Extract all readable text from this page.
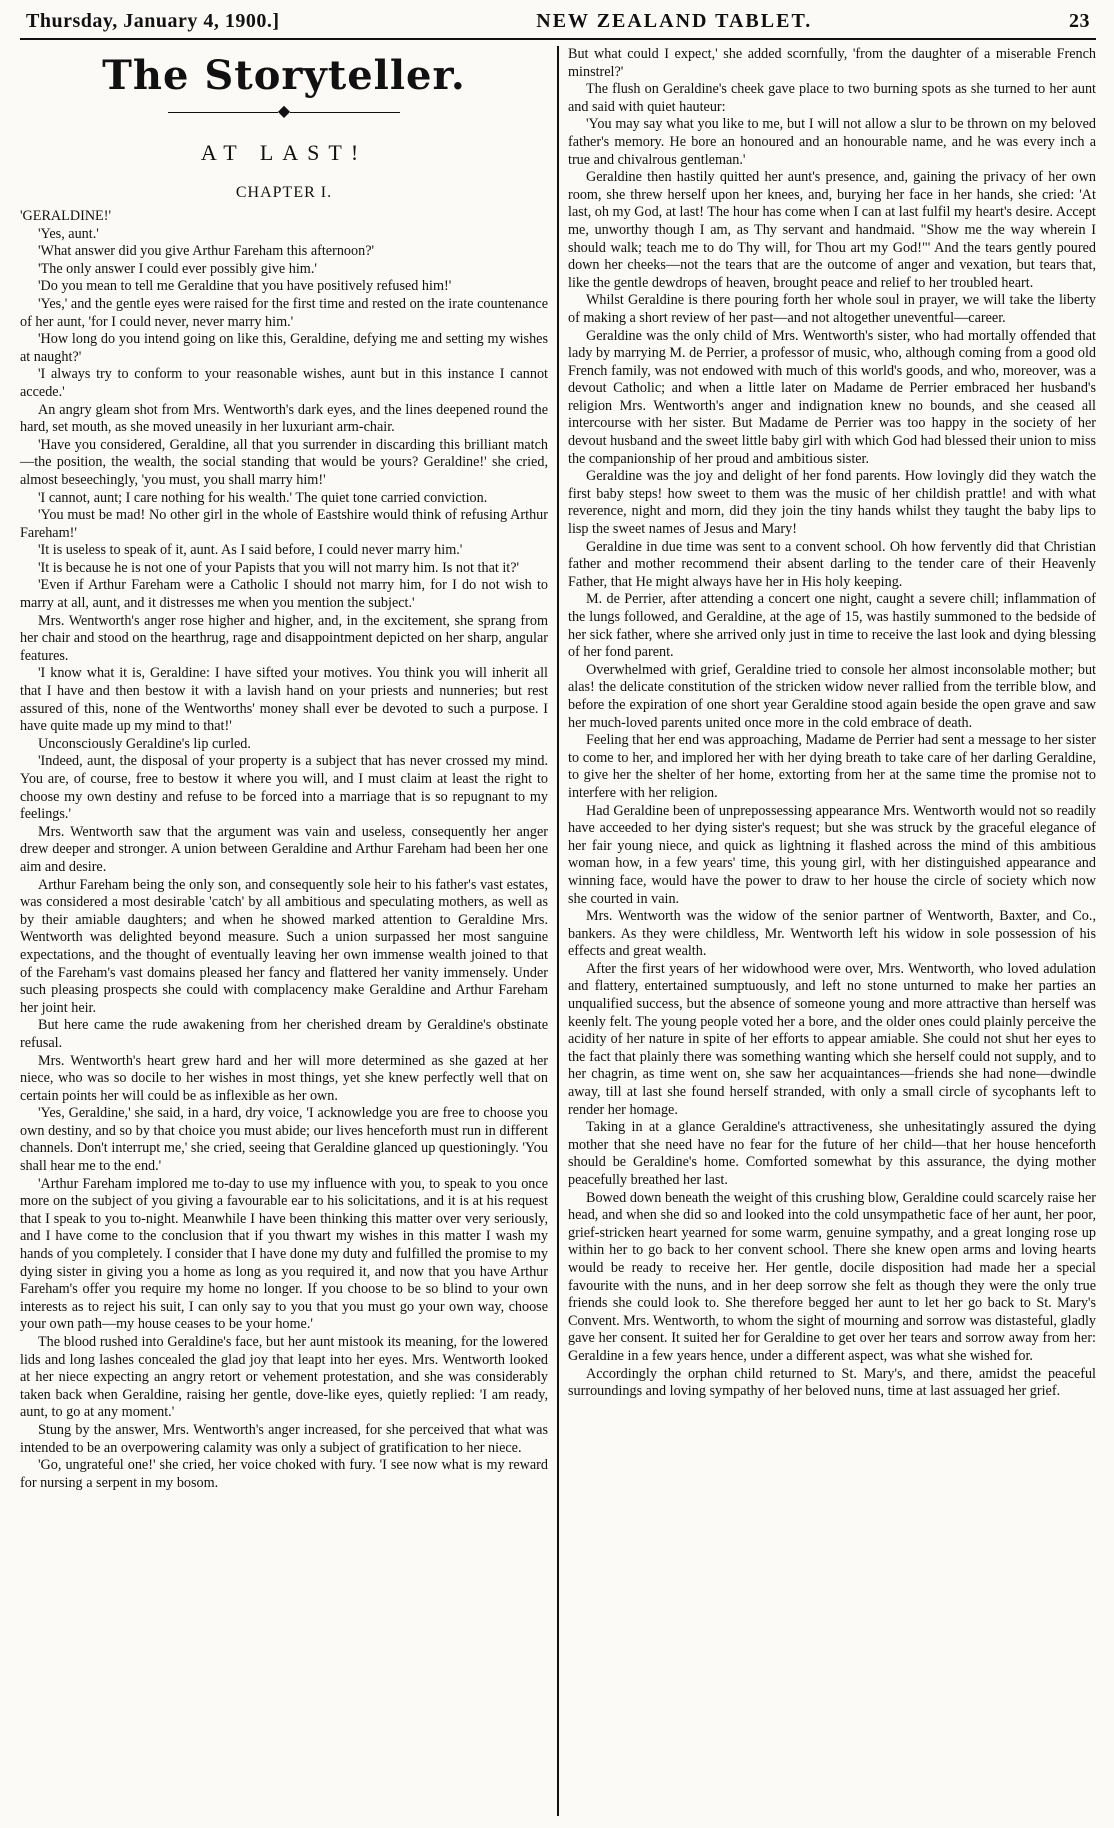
Thursday, January 4, 1900.]	NEW ZEALAND TABLET.	23
The Storyteller.
◆
AT LAST!
CHAPTER I.

'GERALDINE!'

'Yes, aunt.'

'What answer did you give Arthur Fareham this afternoon?'

'The only answer I could ever possibly give him.'

'Do you mean to tell me Geraldine that you have positively refused him!'

'Yes,' and the gentle eyes were raised for the first time and rested on the irate countenance of her aunt, 'for I could never, never marry him.'

'How long do you intend going on like this, Geraldine, defying me and setting my wishes at naught?'

'I always try to conform to your reasonable wishes, aunt but in this instance I cannot accede.'

An angry gleam shot from Mrs. Wentworth's dark eyes, and the lines deepened round the hard, set mouth, as she moved uneasily in her luxuriant arm-chair.

'Have you considered, Geraldine, all that you surrender in discarding this brilliant match—the position, the wealth, the social standing that would be yours? Geraldine!' she cried, almost beseechingly, 'you must, you shall marry him!'

'I cannot, aunt; I care nothing for his wealth.' The quiet tone carried conviction.

'You must be mad! No other girl in the whole of Eastshire would think of refusing Arthur Fareham!'

'It is useless to speak of it, aunt. As I said before, I could never marry him.'

'It is because he is not one of your Papists that you will not marry him. Is not that it?'

'Even if Arthur Fareham were a Catholic I should not marry him, for I do not wish to marry at all, aunt, and it distresses me when you mention the subject.'

Mrs. Wentworth's anger rose higher and higher, and, in the excitement, she sprang from her chair and stood on the hearthrug, rage and disappointment depicted on her sharp, angular features.

'I know what it is, Geraldine: I have sifted your motives. You think you will inherit all that I have and then bestow it with a lavish hand on your priests and nunneries; but rest assured of this, none of the Wentworths' money shall ever be devoted to such a purpose. I have quite made up my mind to that!'

Unconsciously Geraldine's lip curled.

'Indeed, aunt, the disposal of your property is a subject that has never crossed my mind. You are, of course, free to bestow it where you will, and I must claim at least the right to choose my own destiny and refuse to be forced into a marriage that is so repugnant to my feelings.'

Mrs. Wentworth saw that the argument was vain and useless, consequently her anger drew deeper and stronger. A union between Geraldine and Arthur Fareham had been her one aim and desire.

Arthur Fareham being the only son, and consequently sole heir to his father's vast estates, was considered a most desirable 'catch' by all ambitious and speculating mothers, as well as by their amiable daughters; and when he showed marked attention to Geraldine Mrs. Wentworth was delighted beyond measure. Such a union surpassed her most sanguine expectations, and the thought of eventually leaving her own immense wealth joined to that of the Fareham's vast domains pleased her fancy and flattered her vanity immensely. Under such pleasing prospects she could with complacency make Geraldine and Arthur Fareham her joint heir.

But here came the rude awakening from her cherished dream by Geraldine's obstinate refusal.

Mrs. Wentworth's heart grew hard and her will more determined as she gazed at her niece, who was so docile to her wishes in most things, yet she knew perfectly well that on certain points her will could be as inflexible as her own.

'Yes, Geraldine,' she said, in a hard, dry voice, 'I acknowledge you are free to choose you own destiny, and so by that choice you must abide; our lives henceforth must run in different channels. Don't interrupt me,' she cried, seeing that Geraldine glanced up questioningly. 'You shall hear me to the end.'

'Arthur Fareham implored me to-day to use my influence with you, to speak to you once more on the subject of you giving a favourable ear to his solicitations, and it is at his request that I speak to you to-night. Meanwhile I have been thinking this matter over very seriously, and I have come to the conclusion that if you thwart my wishes in this matter I wash my hands of you completely. I consider that I have done my duty and fulfilled the promise to my dying sister in giving you a home as long as you required it, and now that you have Arthur Fareham's offer you require my home no longer. If you choose to be so blind to your own interests as to reject his suit, I can only say to you that you must go your own way, choose your own path—my house ceases to be your home.'

The blood rushed into Geraldine's face, but her aunt mistook its meaning, for the lowered lids and long lashes concealed the glad joy that leapt into her eyes. Mrs. Wentworth looked at her niece expecting an angry retort or vehement protestation, and she was considerably taken back when Geraldine, raising her gentle, dove-like eyes, quietly replied: 'I am ready, aunt, to go at any moment.'

Stung by the answer, Mrs. Wentworth's anger increased, for she perceived that what was intended to be an overpowering calamity was only a subject of gratification to her niece.

'Go, ungrateful one!' she cried, her voice choked with fury. 'I see now what is my reward for nursing a serpent in my bosom.

But what could I expect,' she added scornfully, 'from the daughter of a miserable French minstrel?'

The flush on Geraldine's cheek gave place to two burning spots as she turned to her aunt and said with quiet hauteur:

'You may say what you like to me, but I will not allow a slur to be thrown on my beloved father's memory. He bore an honoured and an honourable name, and he was every inch a true and chivalrous gentleman.'

Geraldine then hastily quitted her aunt's presence, and, gaining the privacy of her own room, she threw herself upon her knees, and, burying her face in her hands, she cried: 'At last, oh my God, at last! The hour has come when I can at last fulfil my heart's desire. Accept me, unworthy though I am, as Thy servant and handmaid. "Show me the way wherein I should walk; teach me to do Thy will, for Thou art my God!"' And the tears gently poured down her cheeks—not the tears that are the outcome of anger and vexation, but tears that, like the gentle dewdrops of heaven, brought peace and relief to her troubled heart.

Whilst Geraldine is there pouring forth her whole soul in prayer, we will take the liberty of making a short review of her past—and not altogether uneventful—career.

Geraldine was the only child of Mrs. Wentworth's sister, who had mortally offended that lady by marrying M. de Perrier, a professor of music, who, although coming from a good old French family, was not endowed with much of this world's goods, and who, moreover, was a devout Catholic; and when a little later on Madame de Perrier embraced her husband's religion Mrs. Wentworth's anger and indignation knew no bounds, and she ceased all intercourse with her sister. But Madame de Perrier was too happy in the society of her devout husband and the sweet little baby girl with which God had blessed their union to miss the companionship of her proud and ambitious sister.

Geraldine was the joy and delight of her fond parents. How lovingly did they watch the first baby steps! how sweet to them was the music of her childish prattle! and with what reverence, night and morn, did they join the tiny hands whilst they taught the baby lips to lisp the sweet names of Jesus and Mary!

Geraldine in due time was sent to a convent school. Oh how fervently did that Christian father and mother recommend their absent darling to the tender care of their Heavenly Father, that He might always have her in His holy keeping.

M. de Perrier, after attending a concert one night, caught a severe chill; inflammation of the lungs followed, and Geraldine, at the age of 15, was hastily summoned to the bedside of her sick father, where she arrived only just in time to receive the last look and dying blessing of her fond parent.

Overwhelmed with grief, Geraldine tried to console her almost inconsolable mother; but alas! the delicate constitution of the stricken widow never rallied from the terrible blow, and before the expiration of one short year Geraldine stood again beside the open grave and saw her much-loved parents united once more in the cold embrace of death.

Feeling that her end was approaching, Madame de Perrier had sent a message to her sister to come to her, and implored her with her dying breath to take care of her darling Geraldine, to give her the shelter of her home, extorting from her at the same time the promise not to interfere with her religion.

Had Geraldine been of unprepossessing appearance Mrs. Wentworth would not so readily have acceeded to her dying sister's request; but she was struck by the graceful elegance of her fair young niece, and quick as lightning it flashed across the mind of this ambitious woman how, in a few years' time, this young girl, with her distinguished appearance and winning face, would have the power to draw to her house the circle of society which now she courted in vain.

Mrs. Wentworth was the widow of the senior partner of Wentworth, Baxter, and Co., bankers. As they were childless, Mr. Wentworth left his widow in sole possession of his effects and great wealth.

After the first years of her widowhood were over, Mrs. Wentworth, who loved adulation and flattery, entertained sumptuously, and left no stone unturned to make her parties an unqualified success, but the absence of someone young and more attractive than herself was keenly felt. The young people voted her a bore, and the older ones could plainly perceive the acidity of her nature in spite of her efforts to appear amiable. She could not shut her eyes to the fact that plainly there was something wanting which she herself could not supply, and to her chagrin, as time went on, she saw her acquaintances—friends she had none—dwindle away, till at last she found herself stranded, with only a small circle of sycophants left to render her homage.

Taking in at a glance Geraldine's attractiveness, she unhesitatingly assured the dying mother that she need have no fear for the future of her child—that her house henceforth should be Geraldine's home. Comforted somewhat by this assurance, the dying mother peacefully breathed her last.

Bowed down beneath the weight of this crushing blow, Geraldine could scarcely raise her head, and when she did so and looked into the cold unsympathetic face of her aunt, her poor, grief-stricken heart yearned for some warm, genuine sympathy, and a great longing rose up within her to go back to her convent school. There she knew open arms and loving hearts would be ready to receive her. Her gentle, docile disposition had made her a special favourite with the nuns, and in her deep sorrow she felt as though they were the only true friends she could look to. She therefore begged her aunt to let her go back to St. Mary's Convent. Mrs. Wentworth, to whom the sight of mourning and sorrow was distasteful, gladly gave her consent. It suited her for Geraldine to get over her tears and sorrow away from her: Geraldine in a few years hence, under a different aspect, was what she wished for.

Accordingly the orphan child returned to St. Mary's, and there, amidst the peaceful surroundings and loving sympathy of her beloved nuns, time at last assuaged her grief.
